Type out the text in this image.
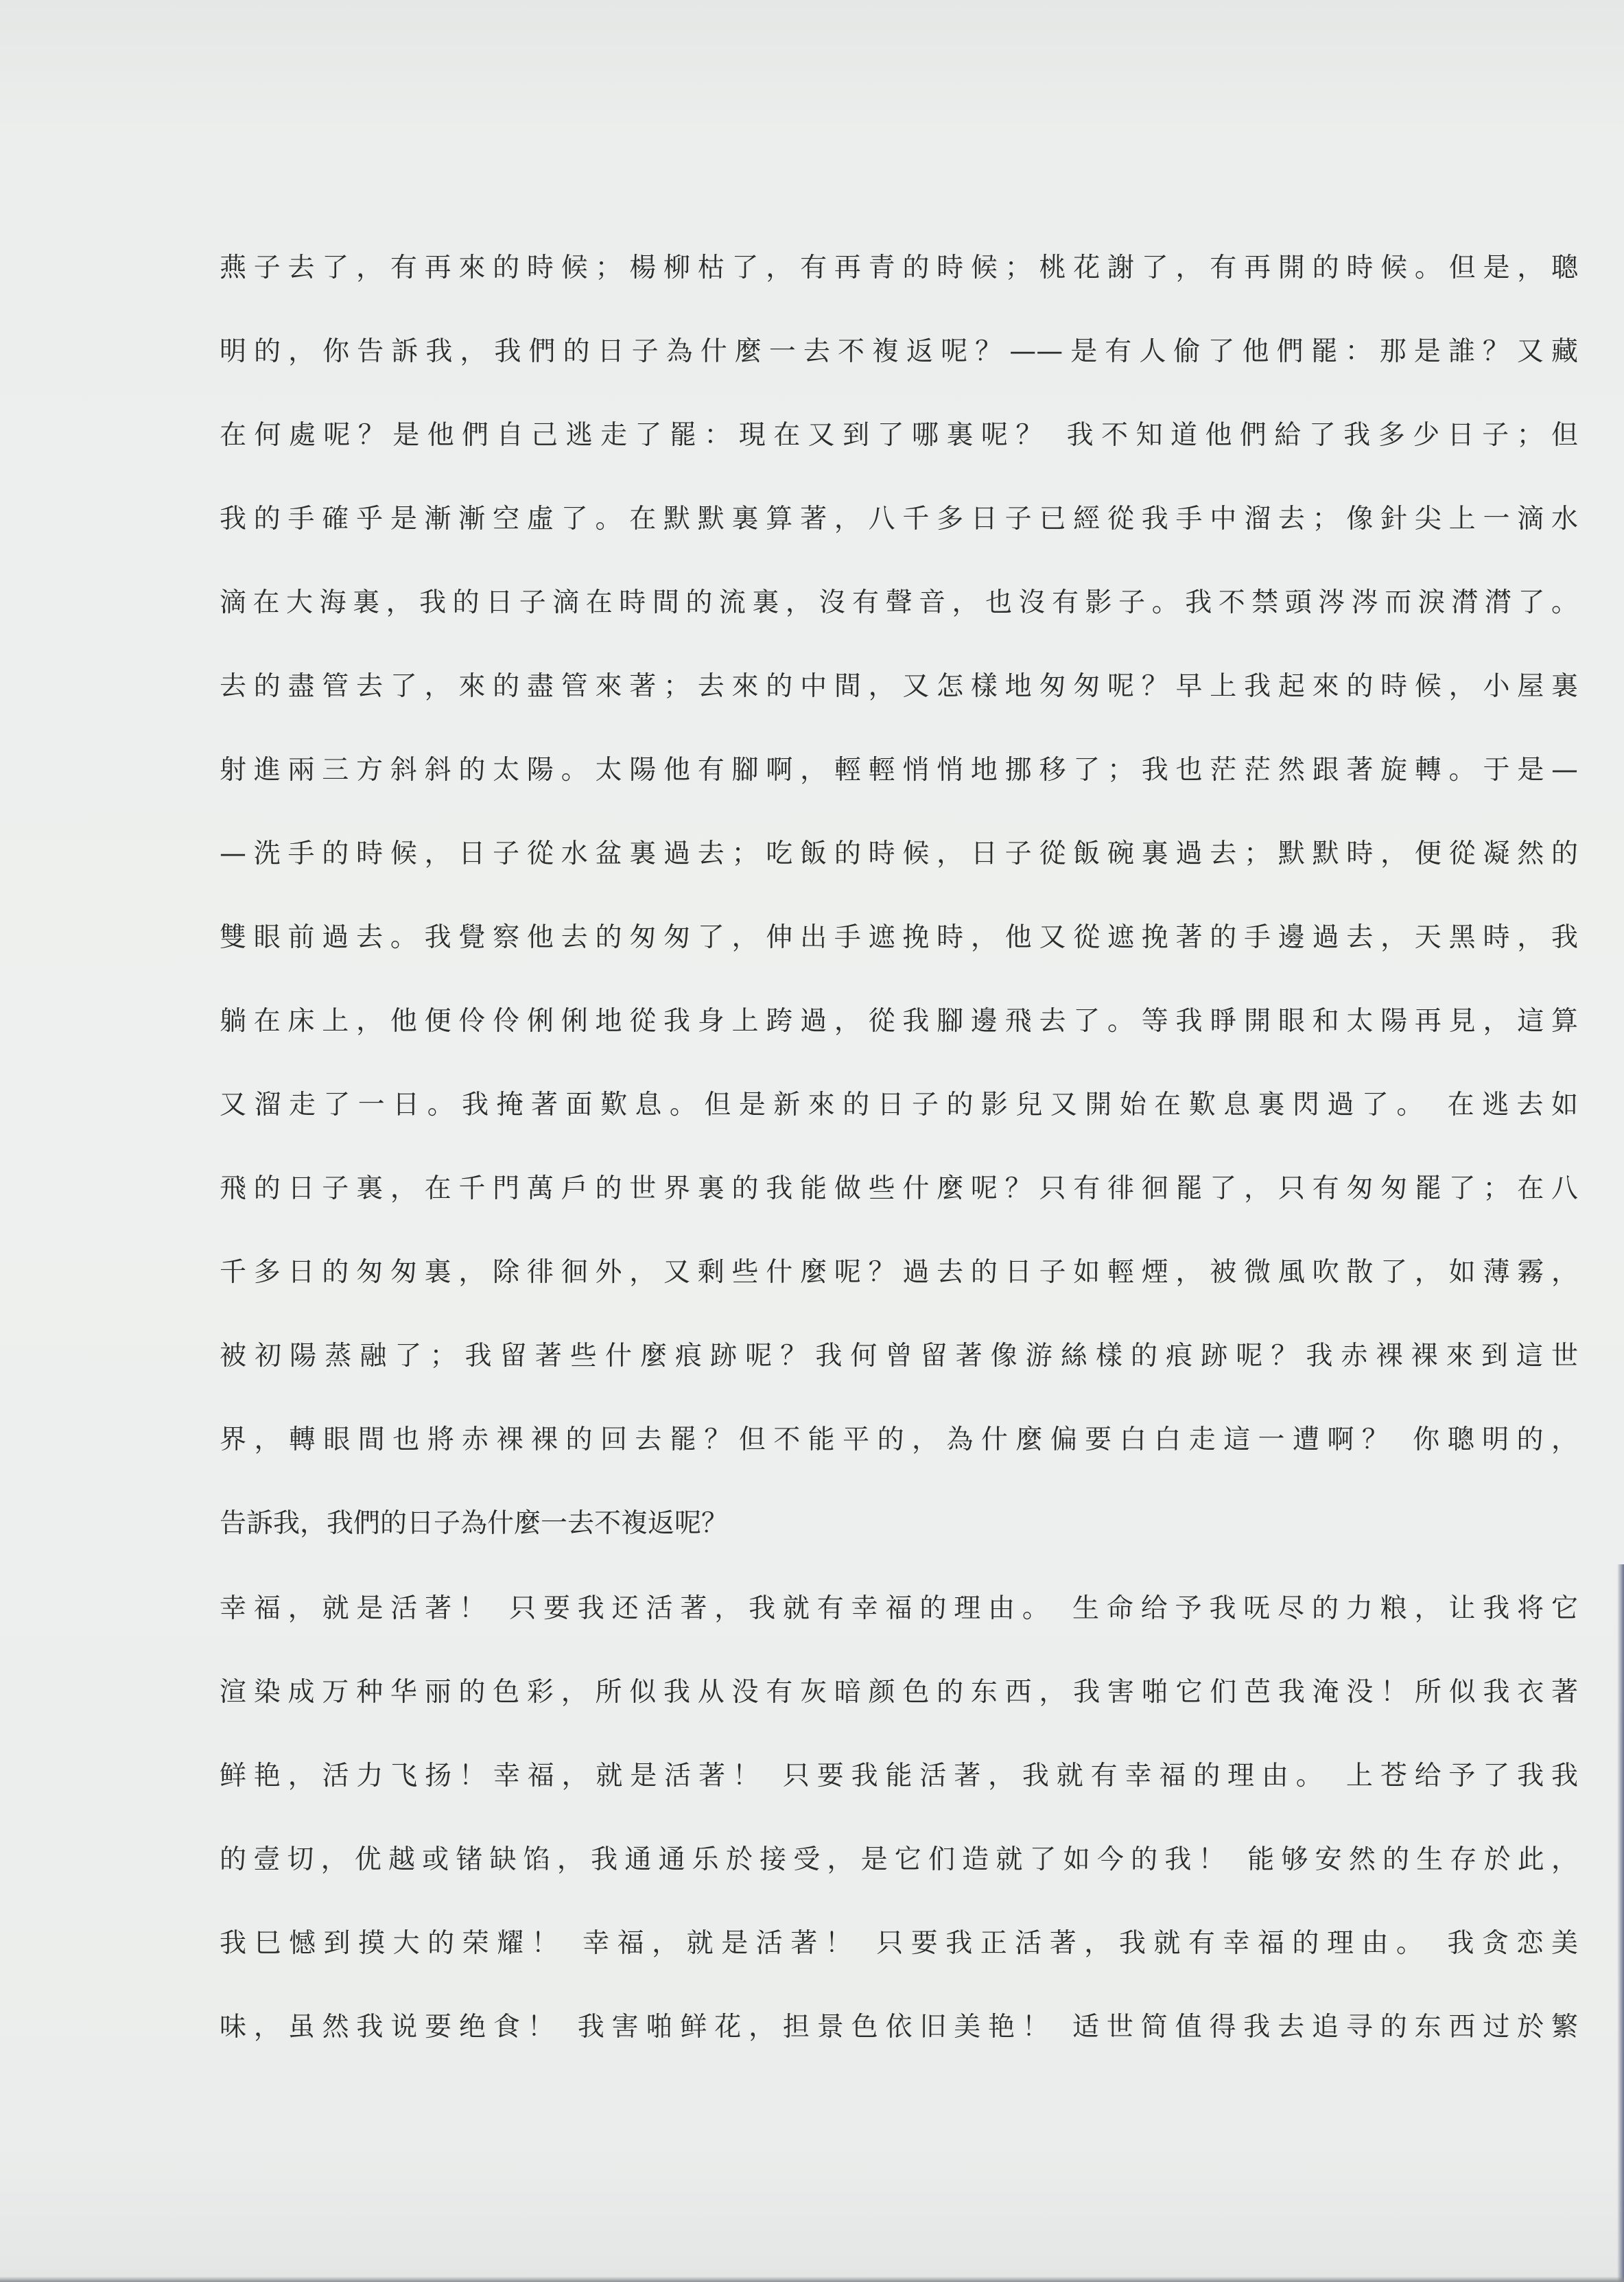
燕子去了，有再來的時候；楊柳枯了，有再青的時候；桃花謝了，有再開的時候。但是，聰
明的，你告訴我，我們的日子為什麼一去不複返呢？——是有人偷了他們罷：那是誰？又藏
在何處呢？是他們自己逃走了罷：現在又到了哪裏呢？ 我不知道他們給了我多少日子；但
我的手確乎是漸漸空虛了。在默默裏算著，八千多日子已經從我手中溜去；像針尖上一滴水
滴在大海裏，我的日子滴在時間的流裏，沒有聲音，也沒有影子。我不禁頭涔涔而淚潸潸了。
去的盡管去了，來的盡管來著；去來的中間，又怎樣地匆匆呢？早上我起來的時候，小屋裏
射進兩三方斜斜的太陽。太陽他有腳啊，輕輕悄悄地挪移了；我也茫茫然跟著旋轉。于是—
—洗手的時候，日子從水盆裏過去；吃飯的時候，日子從飯碗裏過去；默默時，便從凝然的
雙眼前過去。我覺察他去的匆匆了，伸出手遮挽時，他又從遮挽著的手邊過去，天黑時，我
躺在床上，他便伶伶俐俐地從我身上跨過，從我腳邊飛去了。等我睜開眼和太陽再見，這算
又溜走了一日。我掩著面歎息。但是新來的日子的影兒又開始在歎息裏閃過了。 在逃去如
飛的日子裏，在千門萬戶的世界裏的我能做些什麼呢？只有徘徊罷了，只有匆匆罷了；在八
千多日的匆匆裏，除徘徊外，又剩些什麼呢？過去的日子如輕煙，被微風吹散了，如薄霧，
被初陽蒸融了；我留著些什麼痕跡呢？我何曾留著像游絲樣的痕跡呢？我赤裸裸來到這世
界，轉眼間也將赤裸裸的回去罷？但不能平的，為什麼偏要白白走這一遭啊？ 你聰明的，
告訴我，我們的日子為什麼一去不複返呢？
幸福，就是活著！ 只要我还活著，我就有幸福的理由。 生命给予我呒尽的力粮，让我将它
渲染成万种华丽的色彩，所似我从没有灰暗颜色的东西，我害啪它们芭我淹没！所似我衣著
鲜艳，活力飞扬！幸福，就是活著！ 只要我能活著，我就有幸福的理由。 上苍给予了我我
的壹切，优越或锗缺馅，我通通乐於接受，是它们造就了如今的我！ 能够安然的生存於此，
我巳憾到摸大的荣耀！ 幸福，就是活著！ 只要我正活著，我就有幸福的理由。 我贪恋美
味，虽然我说要绝食！ 我害啪鲜花，担景色依旧美艳！ 适世简值得我去追寻的东西过於繁
